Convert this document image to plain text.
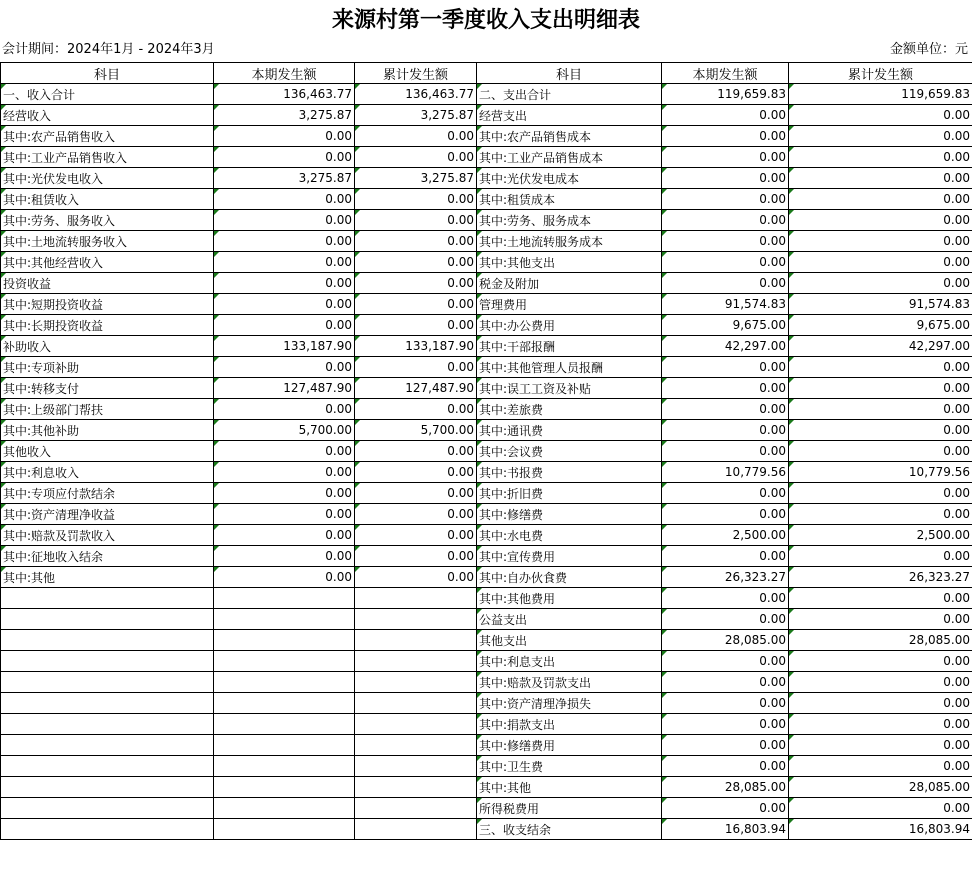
来源村第一季度收入支出明细表
会计期间：2024年1月 - 2024年3月	金额单位：元
科目	本期发生额	累计发生额	科目	本期发生额	累计发生额
一、收入合计	136,463.77	136,463.77	二、支出合计	119,659.83	119,659.83
经营收入	3,275.87	3,275.87	经营支出	0.00	0.00
其中:农产品销售收入	0.00	0.00	其中:农产品销售成本	0.00	0.00
其中:工业产品销售收入	0.00	0.00	其中:工业产品销售成本	0.00	0.00
其中:光伏发电收入	3,275.87	3,275.87	其中:光伏发电成本	0.00	0.00
其中:租赁收入	0.00	0.00	其中:租赁成本	0.00	0.00
其中:劳务、服务收入	0.00	0.00	其中:劳务、服务成本	0.00	0.00
其中:土地流转服务收入	0.00	0.00	其中:土地流转服务成本	0.00	0.00
其中:其他经营收入	0.00	0.00	其中:其他支出	0.00	0.00
投资收益	0.00	0.00	税金及附加	0.00	0.00
其中:短期投资收益	0.00	0.00	管理费用	91,574.83	91,574.83
其中:长期投资收益	0.00	0.00	其中:办公费用	9,675.00	9,675.00
补助收入	133,187.90	133,187.90	其中:干部报酬	42,297.00	42,297.00
其中:专项补助	0.00	0.00	其中:其他管理人员报酬	0.00	0.00
其中:转移支付	127,487.90	127,487.90	其中:误工工资及补贴	0.00	0.00
其中:上级部门帮扶	0.00	0.00	其中:差旅费	0.00	0.00
其中:其他补助	5,700.00	5,700.00	其中:通讯费	0.00	0.00
其他收入	0.00	0.00	其中:会议费	0.00	0.00
其中:利息收入	0.00	0.00	其中:书报费	10,779.56	10,779.56
其中:专项应付款结余	0.00	0.00	其中:折旧费	0.00	0.00
其中:资产清理净收益	0.00	0.00	其中:修缮费	0.00	0.00
其中:赔款及罚款收入	0.00	0.00	其中:水电费	2,500.00	2,500.00
其中:征地收入结余	0.00	0.00	其中:宣传费用	0.00	0.00
其中:其他	0.00	0.00	其中:自办伙食费	26,323.27	26,323.27
			其中:其他费用	0.00	0.00
			公益支出	0.00	0.00
			其他支出	28,085.00	28,085.00
			其中:利息支出	0.00	0.00
			其中:赔款及罚款支出	0.00	0.00
			其中:资产清理净损失	0.00	0.00
			其中:捐款支出	0.00	0.00
			其中:修缮费用	0.00	0.00
			其中:卫生费	0.00	0.00
			其中:其他	28,085.00	28,085.00
			所得税费用	0.00	0.00
			三、收支结余	16,803.94	16,803.94
